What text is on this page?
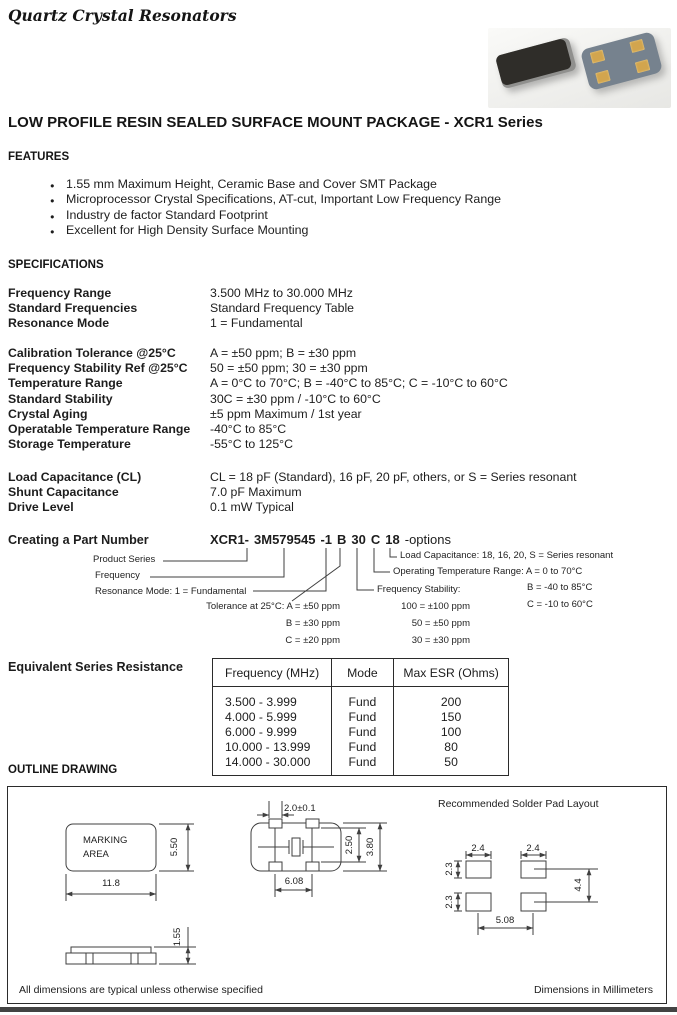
Quartz Crystal Resonators
LOW PROFILE RESIN SEALED SURFACE MOUNT PACKAGE - XCR1 Series
FEATURES
● 1.55 mm Maximum Height, Ceramic Base and Cover SMT Package
● Microprocessor Crystal Specifications, AT-cut, Important Low Frequency Range
● Industry de factor Standard Footprint
● Excellent for High Density Surface Mounting
SPECIFICATIONS
Frequency Range	3.500 MHz to 30.000 MHz
Standard Frequencies	Standard Frequency Table
Resonance Mode	1 = Fundamental
Calibration Tolerance @25°C	A = ±50 ppm; B = ±30 ppm
Frequency Stability Ref @25°C	50 = ±50 ppm; 30 = ±30 ppm
Temperature Range	A = 0°C to 70°C; B = -40°C to 85°C; C = -10°C to 60°C
Standard Stability	30C = ±30 ppm / -10°C to 60°C
Crystal Aging	±5 ppm Maximum / 1st year
Operatable Temperature Range	-40°C to 85°C
Storage Temperature	-55°C to 125°C
Load Capacitance (CL)	CL = 18 pF (Standard), 16 pF, 20 pF, others, or S = Series resonant
Shunt Capacitance	7.0 pF Maximum
Drive Level	0.1 mW Typical
Creating a Part Number	XCR1- 3M579545 -1 B 30 C 18 -options
Product Series
Frequency
Resonance Mode: 1 = Fundamental
Tolerance at 25°C: A = ±50 ppm
B = ±30 ppm
C = ±20 ppm
Load Capacitance: 18, 16, 20, S = Series resonant
Operating Temperature Range: A = 0 to 70°C
B = -40 to 85°C
C = -10 to 60°C
Frequency Stability:
100 = ±100 ppm
50 = ±50 ppm
30 = ±30 ppm
Equivalent Series Resistance	Frequency (MHz)	Mode	Max ESR (Ohms)
3.500 - 3.999	Fund	200
4.000 - 5.999	Fund	150
6.000 - 9.999	Fund	100
10.000 - 13.999	Fund	80
14.000 - 30.000	Fund	50
OUTLINE DRAWING
MARKING
AREA	5.50
11.8
2.0±0.1
6.08
2.50 3.80
Recommended Solder Pad Layout
2.4	2.4
2.3
2.3
4.4
5.08
1.55
All dimensions are typical unless otherwise specified	Dimensions in Millimeters
